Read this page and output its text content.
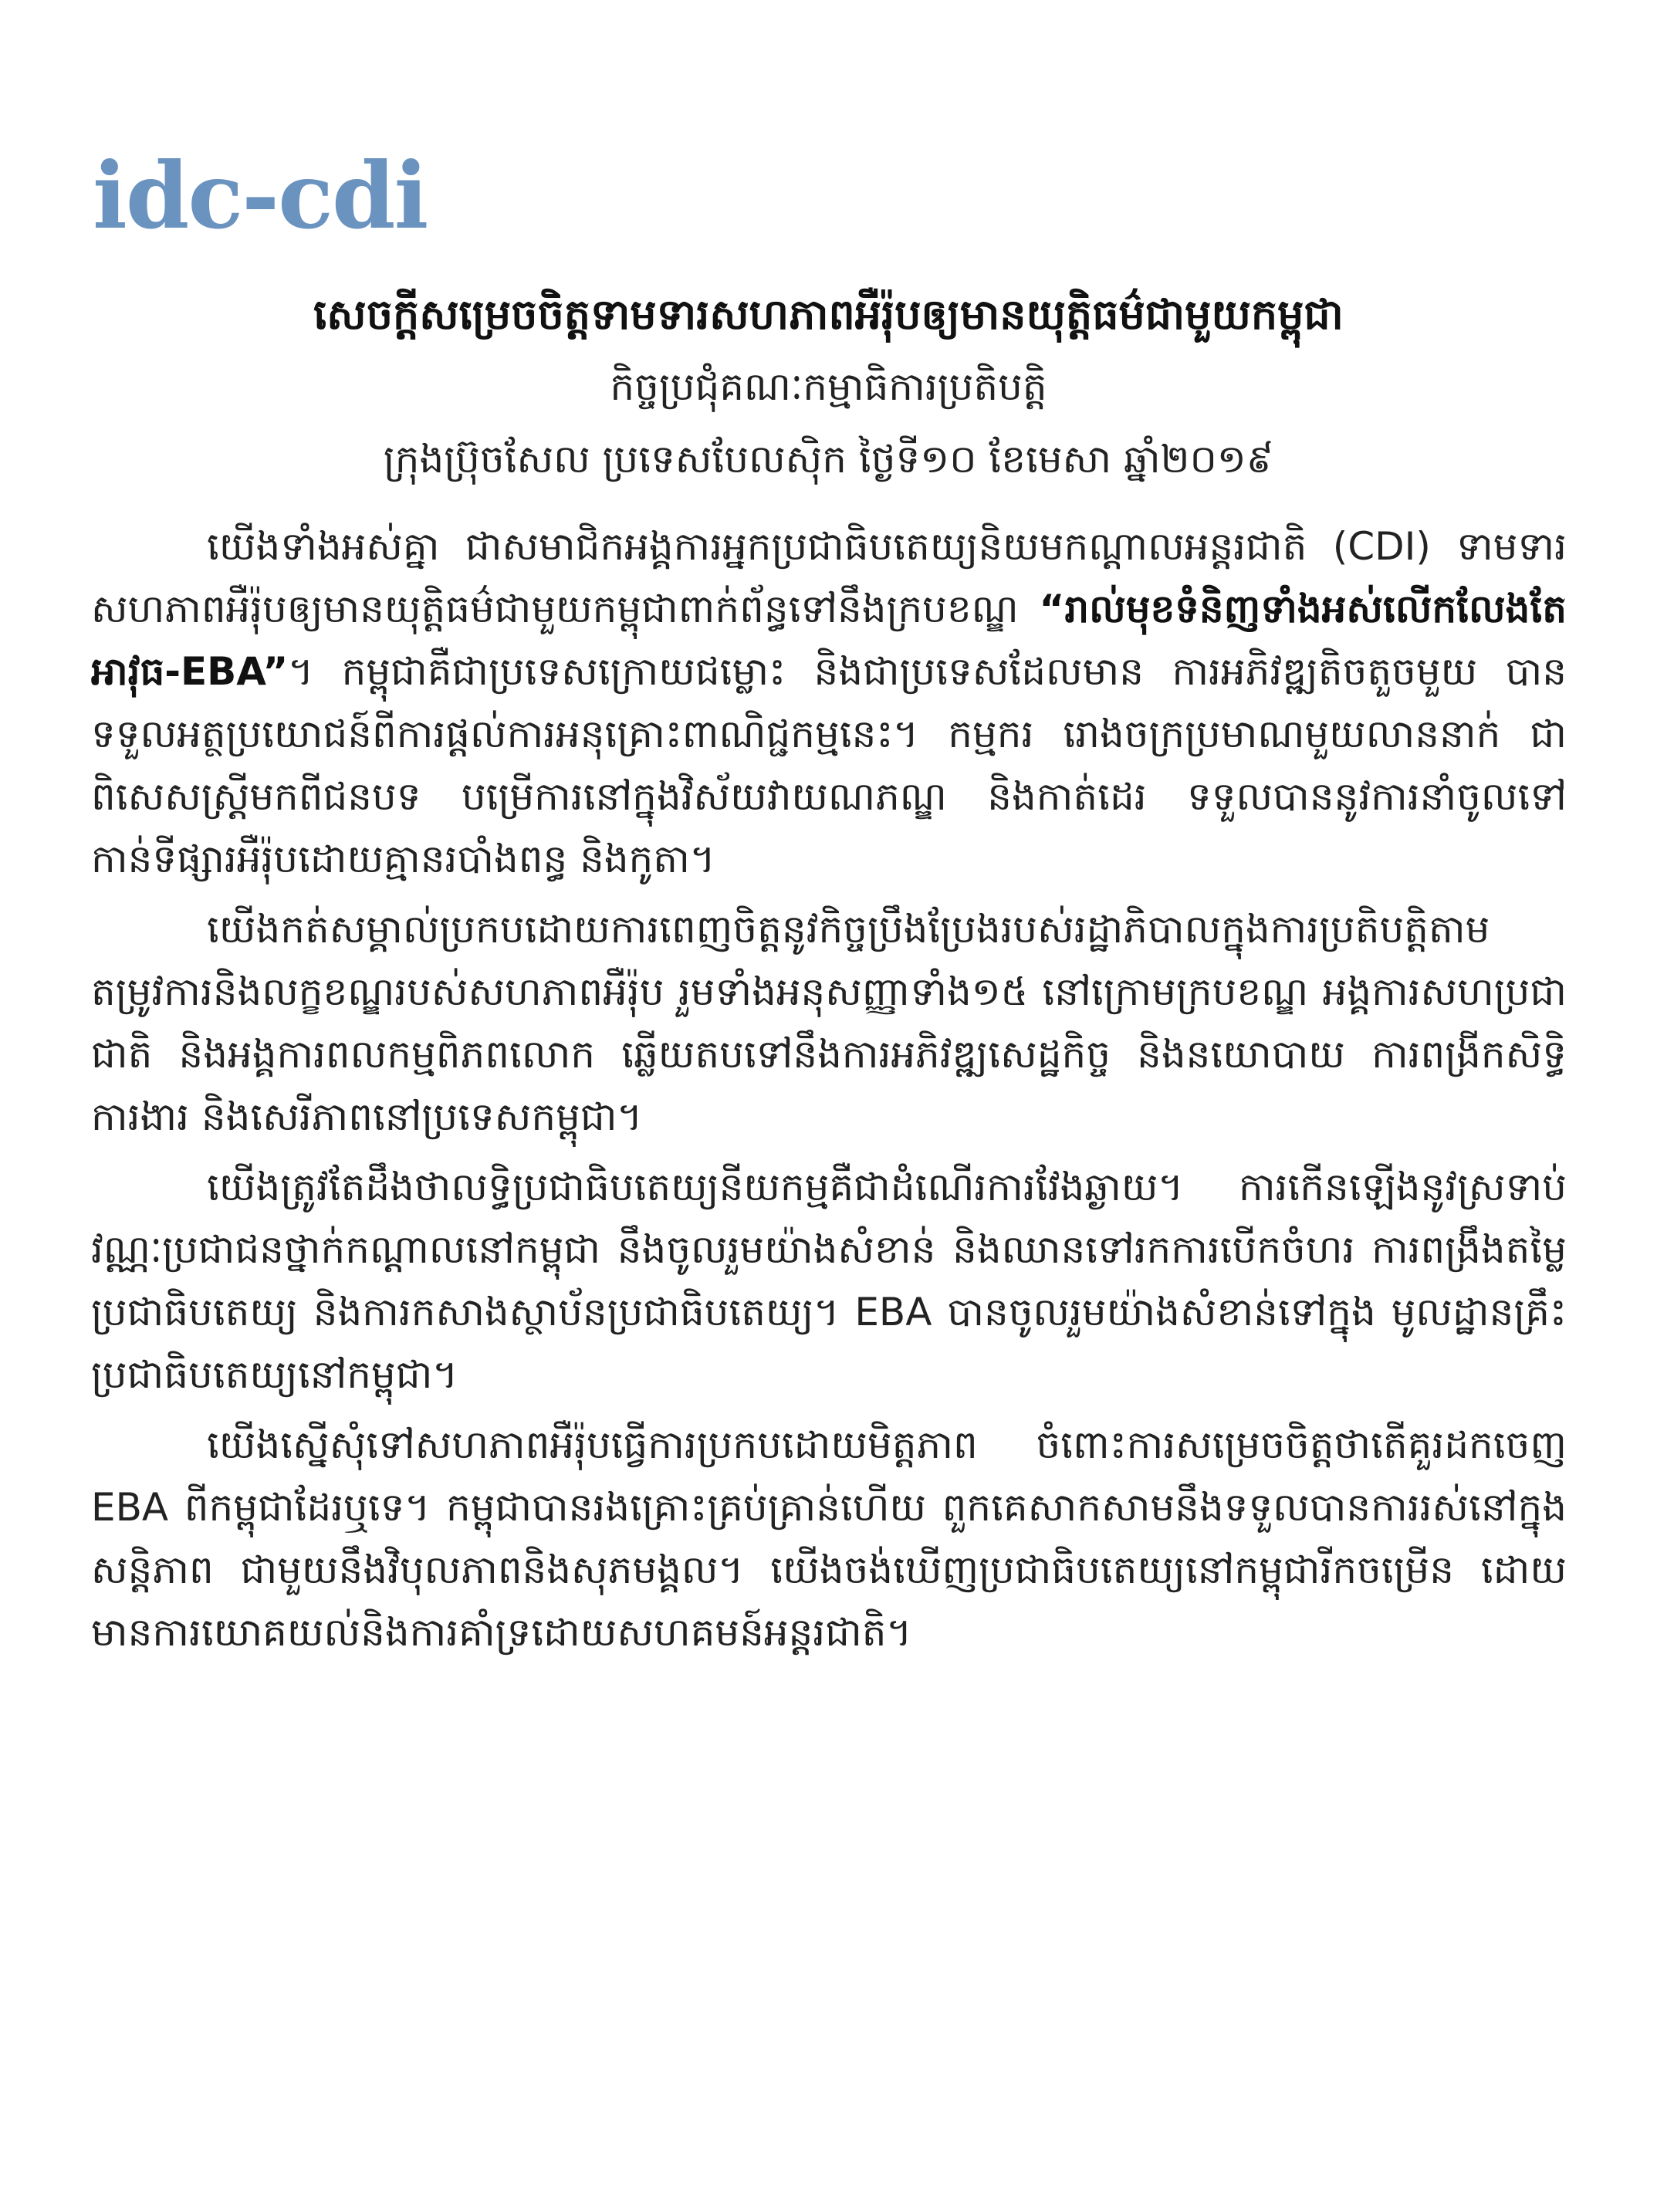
idc-cdi
សេចក្ដីសម្រេចចិត្តទាមទារសហភាពអឺរ៉ុបឲ្យមានយុត្តិធម៌ជាមួយកម្ពុជា
កិច្ចប្រជុំគណៈកម្មាធិការប្រតិបត្តិ
ក្រុងប្រ៊ុចសែល ប្រទេសបែលស៊ិក ថ្ងៃទី១០ ខែមេសា ឆ្នាំ២០១៩

យើងទាំងអស់គ្នា ជាសមាជិកអង្គការអ្នកប្រជាធិបតេយ្យនិយមកណ្ដាលអន្តរជាតិ (CDI) ទាមទារសហភាពអឺរ៉ុបឲ្យមានយុត្តិធម៌ជាមួយកម្ពុជាពាក់ព័ន្ធទៅនឹងក្របខណ្ឌ “រាល់មុខទំនិញទាំងអស់លើកលែងតែអាវុធ-EBA”។ កម្ពុជាគឺជាប្រទេសក្រោយជម្លោះ និងជាប្រទេសដែលមាន ការអភិវឌ្ឍតិចតួចមួយ បានទទួលអត្ថប្រយោជន៍ពីការផ្ដល់ការអនុគ្រោះពាណិជ្ជកម្មនេះ។ កម្មករ រោងចក្រប្រមាណមួយលាននាក់ ជាពិសេសស្ត្រីមកពីជនបទ បម្រើការនៅក្នុងវិស័យវាយណភណ្ឌ និងកាត់ដេរ ទទួលបាននូវការនាំចូលទៅកាន់ទីផ្សារអឺរ៉ុបដោយគ្មានរបាំងពន្ធ និងកូតា។

យើងកត់សម្គាល់ប្រកបដោយការពេញចិត្តនូវកិច្ចប្រឹងប្រែងរបស់រដ្ឋាភិបាលក្នុងការប្រតិបត្តិតាមតម្រូវការនិងលក្ខខណ្ឌរបស់សហភាពអឺរ៉ុប រួមទាំងអនុសញ្ញាទាំង១៥ នៅក្រោមក្របខណ្ឌ អង្គការសហប្រជាជាតិ និងអង្គការពលកម្មពិភពលោក ឆ្លើយតបទៅនឹងការអភិវឌ្ឍសេដ្ឋកិច្ច និងនយោបាយ ការពង្រីកសិទ្ធិការងារ និងសេរីភាពនៅប្រទេសកម្ពុជា។

យើងត្រូវតែដឹងថាលទ្ធិប្រជាធិបតេយ្យនីយកម្មគឺជាដំណើរការវែងឆ្ងាយ។ ការកើនឡើងនូវស្រទាប់វណ្ណៈប្រជាជនថ្នាក់កណ្ដាលនៅកម្ពុជា នឹងចូលរួមយ៉ាងសំខាន់ និងឈានទៅរកការបើកចំហរ ការពង្រឹងតម្លៃប្រជាធិបតេយ្យ និងការកសាងស្ថាប័នប្រជាធិបតេយ្យ។ EBA បានចូលរួមយ៉ាងសំខាន់ទៅក្នុង មូលដ្ឋានគ្រឹះប្រជាធិបតេយ្យនៅកម្ពុជា។

យើងស្នើសុំទៅសហភាពអឺរ៉ុបធ្វើការប្រកបដោយមិត្តភាព ចំពោះការសម្រេចចិត្តថាតើគួរដកចេញ EBA ពីកម្ពុជាដែរឬទេ។ កម្ពុជាបានរងគ្រោះគ្រប់គ្រាន់ហើយ ពួកគេសាកសាមនឹងទទួលបានការរស់នៅក្នុងសន្តិភាព ជាមួយនឹងវិបុលភាពនិងសុភមង្គល។ យើងចង់ឃើញប្រជាធិបតេយ្យនៅកម្ពុជារីកចម្រើន ដោយមានការយោគយល់និងការគាំទ្រដោយសហគមន៍អន្តរជាតិ។
